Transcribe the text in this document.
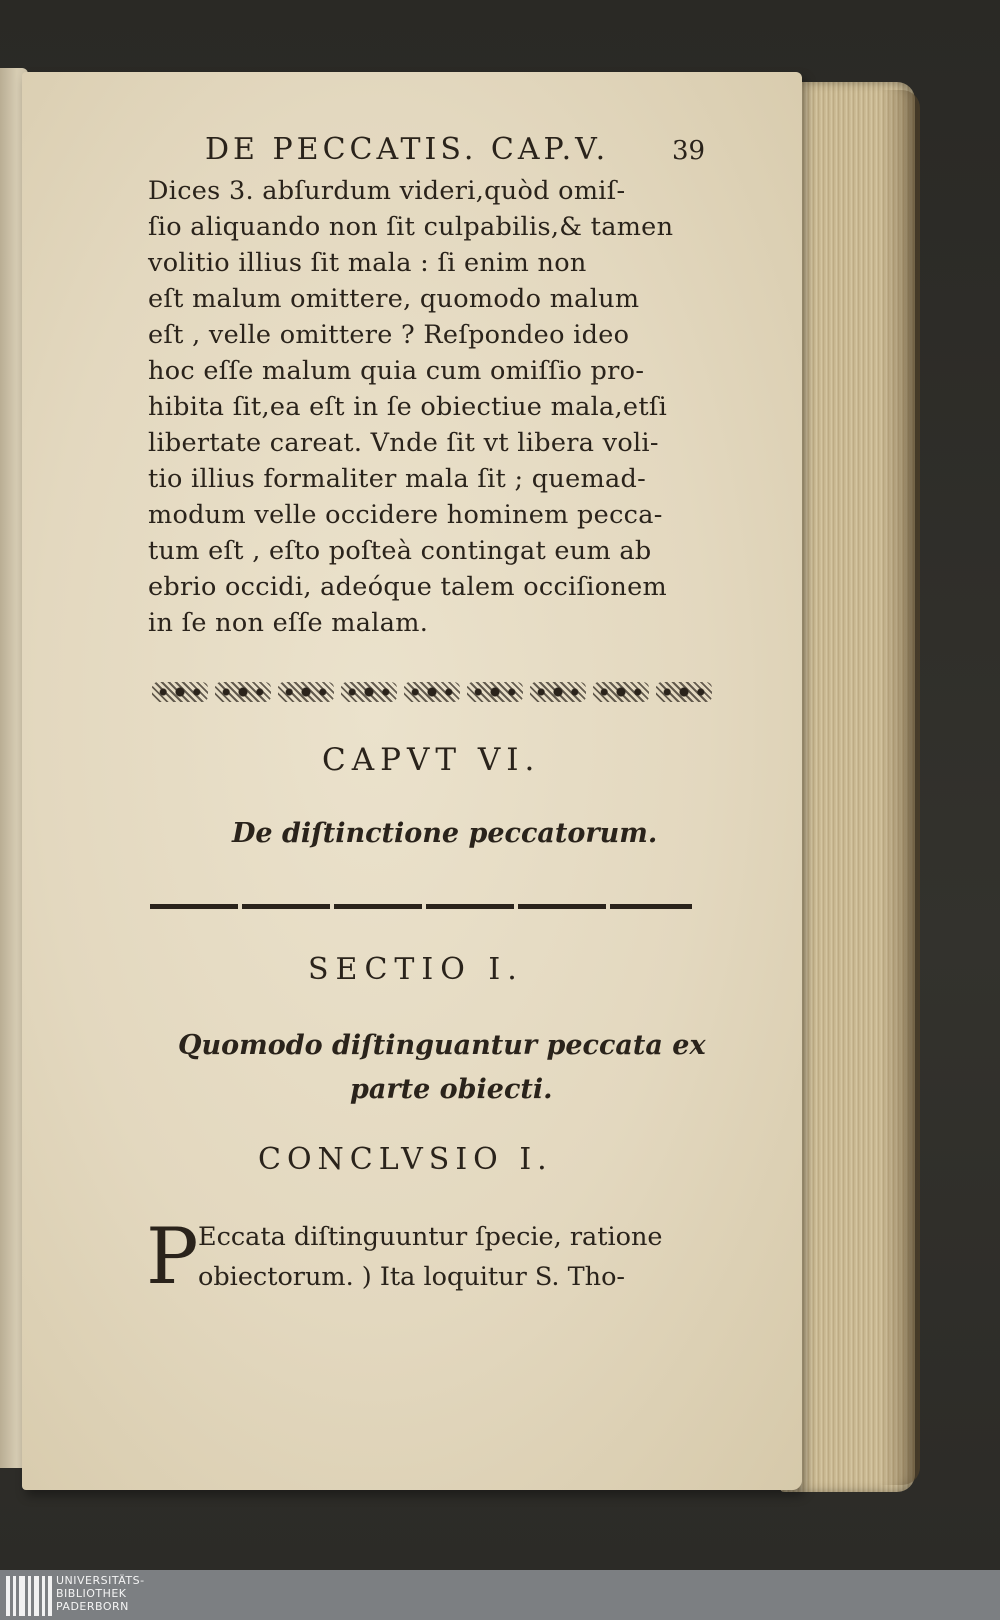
DE PECCATIS. CAP.V. 39
Dices 3. abſurdum videri,quòd omiſ-
ſio aliquando non ſit culpabilis,& tamen
volitio illius ſit mala : ſi enim non
eſt malum omittere, quomodo malum
eſt , velle omittere ? Reſpondeo ideo
hoc eſſe malum quia cum omiſſio pro-
hibita ſit,ea eſt in ſe obiectiue mala,etſi
libertate careat. Vnde ſit vt libera voli-
tio illius formaliter mala ſit ; quemad-
modum velle occidere hominem pecca-
tum eſt , eſto poſteà contingat eum ab
ebrio occidi, adeóque talem occiſionem
in ſe non eſſe malam.
CAPVT VI.
De diſtinctione peccatorum.
SECTIO I.
Quomodo diſtinguantur peccata ex
parte obiecti.
CONCLVSIO I.
P Eccata diſtinguuntur ſpecie, ratione
obiectorum. ) Ita loquitur S. Tho-
UNIVERSITÄTS-
BIBLIOTHEK
PADERBORN
